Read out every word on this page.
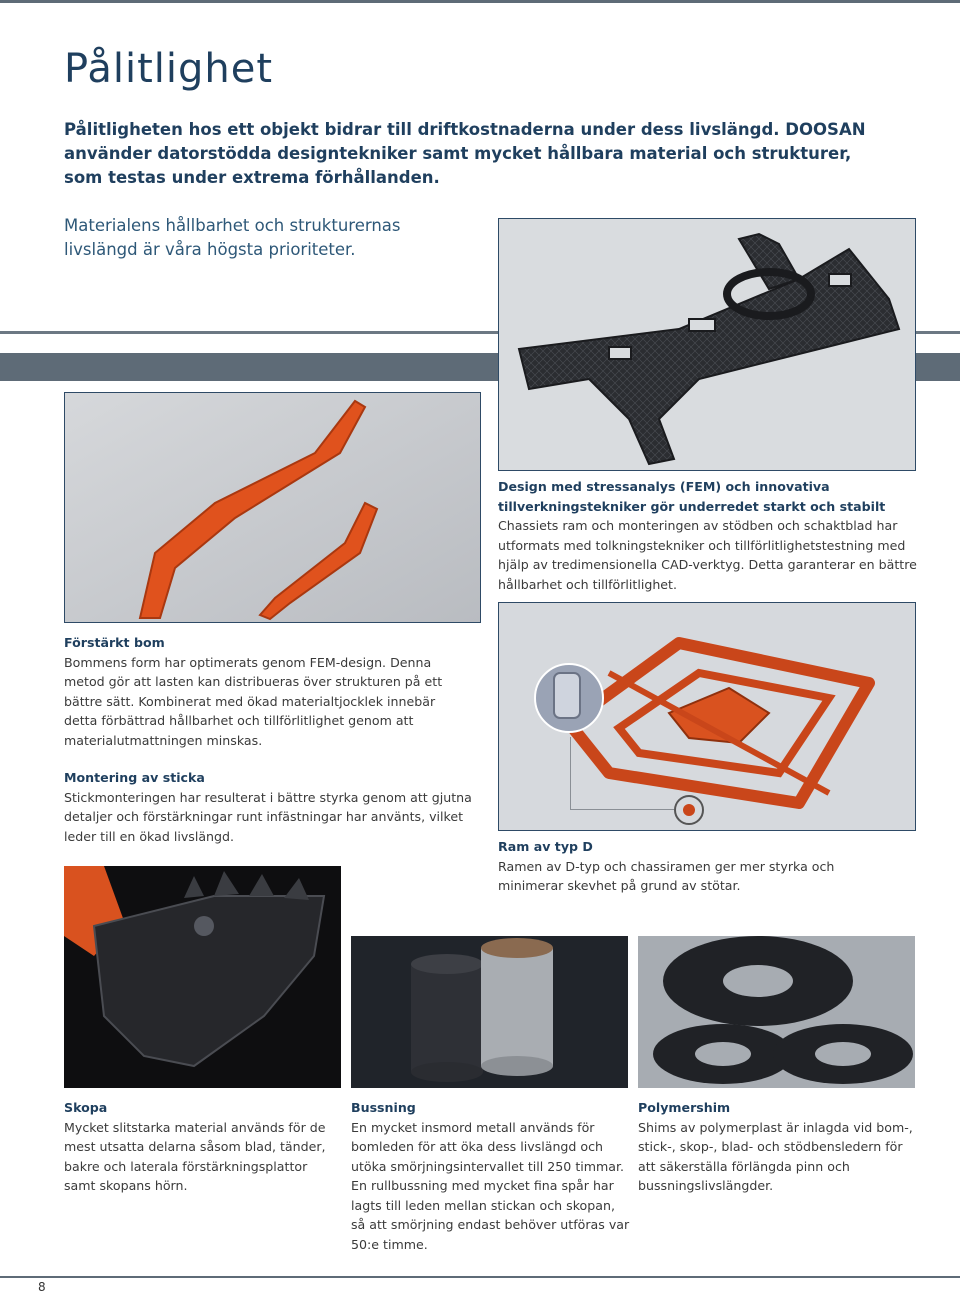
Pålitlighet

Pålitligheten hos ett objekt bidrar till driftkostnaderna under dess livslängd. DOOSAN använder datorstödda designtekniker samt mycket hållbara material och strukturer, som testas under extrema förhållanden.

Materialens hållbarhet och strukturernas livslängd är våra högsta prioriteter.

Design med stressanalys (FEM) och innovativa tillverkningstekniker gör underredet starkt och stabilt

Chassiets ram och monteringen av stödben och schaktblad har utformats med tolkningstekniker och tillförlitlighetstestning med hjälp av tredimensionella CAD-verktyg. Detta garanterar en bättre hållbarhet och tillförlitlighet.

Förstärkt bom

Bommens form har optimerats genom FEM-design. Denna metod gör att lasten kan distribueras över strukturen på ett bättre sätt. Kombinerat med ökad materialtjocklek innebär detta förbättrad hållbarhet och tillförlitlighet genom att materialutmattningen minskas.

Montering av sticka

Stickmonteringen har resulterat i bättre styrka genom att gjutna detaljer och förstärkningar runt infästningar har använts, vilket leder till en ökad livslängd.

Ram av typ D

Ramen av D-typ och chassiramen ger mer styrka och minimerar skevhet på grund av stötar.

Skopa

Mycket slitstarka material används för de mest utsatta delarna såsom blad, tänder, bakre och laterala förstärkningsplattor samt skopans hörn.

Bussning

En mycket insmord metall används för bomleden för att öka dess livslängd och utöka smörjningsintervallet till 250 timmar. En rullbussning med mycket fina spår har lagts till leden mellan stickan och skopan, så att smörjning endast behöver utföras var 50:e timme.

Polymershim

Shims av polymerplast är inlagda vid bom-, stick-, skop-, blad- och stödbensledern för att säkerställa förlängda pinn och bussningslivslängder.

8
